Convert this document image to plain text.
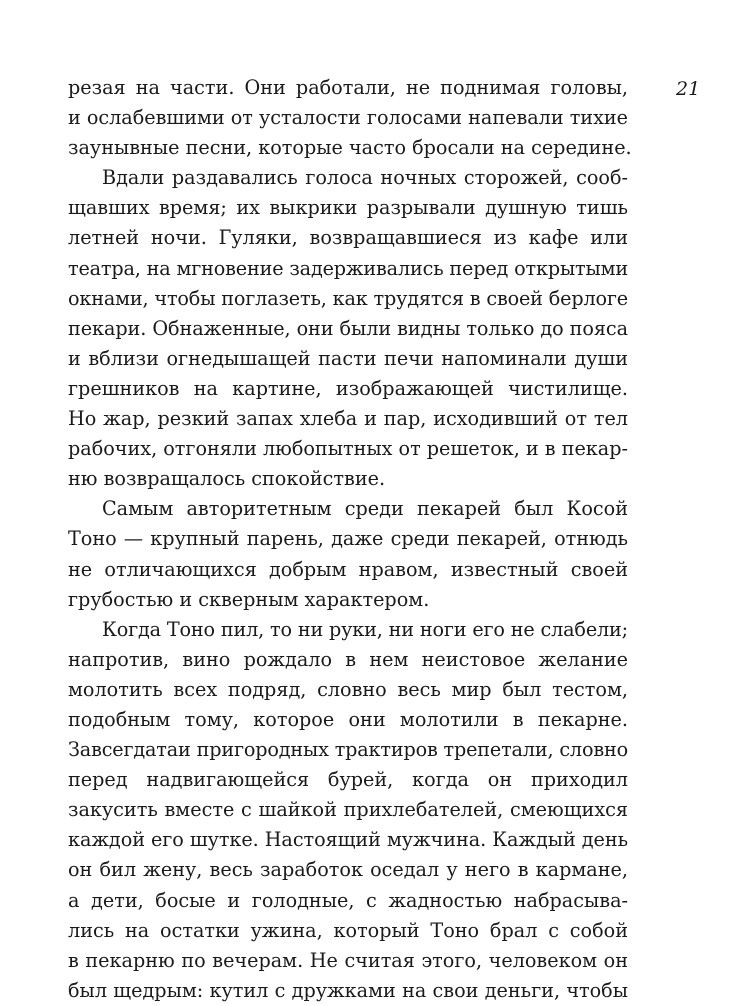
21
резая на части. Они работали, не поднимая головы,
и ослабевшими от усталости голосами напевали тихие
заунывные песни, которые часто бросали на середине.
Вдали раздавались голоса ночных сторожей, сооб-
щавших время; их выкрики разрывали душную тишь
летней ночи. Гуляки, возвращавшиеся из кафе или
театра, на мгновение задерживались перед открытыми
окнами, чтобы поглазеть, как трудятся в своей берлоге
пекари. Обнаженные, они были видны только до пояса
и вблизи огнедышащей пасти печи напоминали души
грешников на картине, изображающей чистилище.
Но жар, резкий запах хлеба и пар, исходивший от тел
рабочих, отгоняли любопытных от решеток, и в пекар-
ню возвращалось спокойствие.
Самым авторитетным среди пекарей был Косой
Тоно — крупный парень, даже среди пекарей, отнюдь
не отличающихся добрым нравом, известный своей
грубостью и скверным характером.
Когда Тоно пил, то ни руки, ни ноги его не слабели;
напротив, вино рождало в нем неистовое желание
молотить всех подряд, словно весь мир был тестом,
подобным тому, которое они молотили в пекарне.
Завсегдатаи пригородных трактиров трепетали, словно
перед надвигающейся бурей, когда он приходил
закусить вместе с шайкой прихлебателей, смеющихся
каждой его шутке. Настоящий мужчина. Каждый день
он бил жену, весь заработок оседал у него в кармане,
а дети, босые и голодные, с жадностью набрасыва-
лись на остатки ужина, который Тоно брал с собой
в пекарню по вечерам. Не считая этого, человеком он
был щедрым: кутил с дружками на свои деньги, чтобы
